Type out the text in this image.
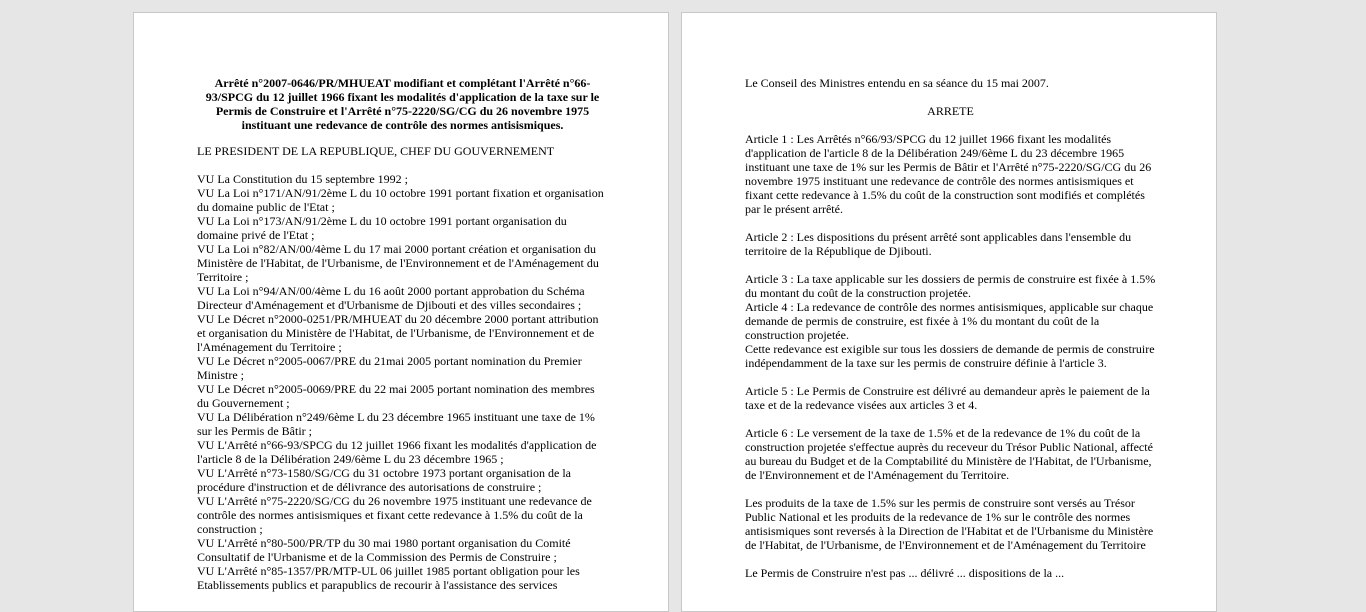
Arrêté n°2007-0646/PR/MHUEAT modifiant et complétant l'Arrêté n°66-93/SPCG du 12 juillet 1966 fixant les modalités d'application de la taxe sur le Permis de Construire et l'Arrêté n°75-2220/SG/CG du 26 novembre 1975 instituant une redevance de contrôle des normes antisismiques.

LE PRESIDENT DE LA REPUBLIQUE, CHEF DU GOUVERNEMENT

VU La Constitution du 15 septembre 1992 ;

VU La Loi n°171/AN/91/2ème L du 10 octobre 1991 portant fixation et organisation du domaine public de l'Etat ;

VU La Loi n°173/AN/91/2ème L du 10 octobre 1991 portant organisation du domaine privé de l'Etat ;

VU La Loi n°82/AN/00/4ème L du 17 mai 2000 portant création et organisation du Ministère de l'Habitat, de l'Urbanisme, de l'Environnement et de l'Aménagement du Territoire ;

VU La Loi n°94/AN/00/4ème L du 16 août 2000 portant approbation du Schéma Directeur d'Aménagement et d'Urbanisme de Djibouti et des villes secondaires ;

VU Le Décret n°2000-0251/PR/MHUEAT du 20 décembre 2000 portant attribution et organisation du Ministère de l'Habitat, de l'Urbanisme, de l'Environnement et de l'Aménagement du Territoire ;

VU Le Décret n°2005-0067/PRE du 21mai 2005 portant nomination du Premier Ministre ;

VU Le Décret n°2005-0069/PRE du 22 mai 2005 portant nomination des membres du Gouvernement ;

VU La Délibération n°249/6ème L du 23 décembre 1965 instituant une taxe de 1% sur les Permis de Bâtir ;

VU L'Arrêté n°66-93/SPCG du 12 juillet 1966 fixant les modalités d'application de l'article 8 de la Délibération 249/6ème L du 23 décembre 1965 ;

VU L'Arrêté n°73-1580/SG/CG du 31 octobre 1973 portant organisation de la procédure d'instruction et de délivrance des autorisations de construire ;

VU L'Arrêté n°75-2220/SG/CG du 26 novembre 1975 instituant une redevance de contrôle des normes antisismiques et fixant cette redevance à 1.5% du coût de la construction ;

VU L'Arrêté n°80-500/PR/TP du 30 mai 1980 portant organisation du Comité Consultatif de l'Urbanisme et de la Commission des Permis de Construire ;

VU L'Arrêté n°85-1357/PR/MTP-UL 06 juillet 1985 portant obligation pour les Etablissements publics et parapublics de recourir à l'assistance des services

Le Conseil des Ministres entendu en sa séance du 15 mai 2007.

ARRETE

Article 1 : Les Arrêtés n°66/93/SPCG du 12 juillet 1966 fixant les modalités d'application de l'article 8 de la Délibération 249/6ème L du 23 décembre 1965 instituant une taxe de 1% sur les Permis de Bâtir et l'Arrêté n°75-2220/SG/CG du 26 novembre 1975 instituant une redevance de contrôle des normes antisismiques et fixant cette redevance à 1.5% du coût de la construction sont modifiés et complétés par le présent arrêté.

Article 2 : Les dispositions du présent arrêté sont applicables dans l'ensemble du territoire de la République de Djibouti.

Article 3 : La taxe applicable sur les dossiers de permis de construire est fixée à 1.5% du montant du coût de la construction projetée.

Article 4 : La redevance de contrôle des normes antisismiques, applicable sur chaque demande de permis de construire, est fixée à 1% du montant du coût de la construction projetée.

Cette redevance est exigible sur tous les dossiers de demande de permis de construire indépendamment de la taxe sur les permis de construire définie à l'article 3.

Article 5 : Le Permis de Construire est délivré au demandeur après le paiement de la taxe et de la redevance visées aux articles 3 et 4.

Article 6 : Le versement de la taxe de 1.5% et de la redevance de 1% du coût de la construction projetée s'effectue auprès du receveur du Trésor Public National, affecté au bureau du Budget et de la Comptabilité du Ministère de l'Habitat, de l'Urbanisme, de l'Environnement et de l'Aménagement du Territoire.

Les produits de la taxe de 1.5% sur les permis de construire sont versés au Trésor Public National et les produits de la redevance de 1% sur le contrôle des normes antisismiques sont reversés à la Direction de l'Habitat et de l'Urbanisme du Ministère de l'Habitat, de l'Urbanisme, de l'Environnement et de l'Aménagement du Territoire

Le Permis de Construire n'est pas ... délivré ... dispositions de la ...
